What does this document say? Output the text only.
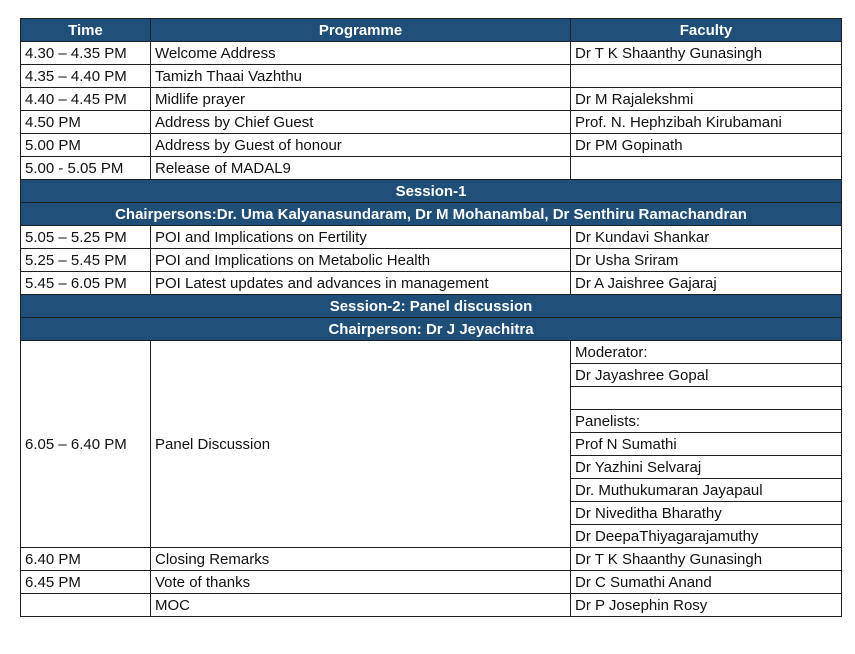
Time	Programme	Faculty
4.30 – 4.35 PM	Welcome Address	Dr T K Shaanthy Gunasingh
4.35 – 4.40 PM	Tamizh Thaai Vazhthu	
4.40 – 4.45 PM	Midlife prayer	Dr M Rajalekshmi
4.50 PM	Address by Chief Guest	Prof. N. Hephzibah Kirubamani
5.00 PM	Address by Guest of honour	Dr PM Gopinath
5.00 - 5.05 PM	Release of MADAL9	
Session-1		
Chairpersons:Dr. Uma Kalyanasundaram, Dr M Mohanambal, Dr Senthiru Ramachandran		
5.05 – 5.25 PM	POI and Implications on Fertility	Dr Kundavi Shankar
5.25 – 5.45 PM	POI and Implications on Metabolic Health	Dr Usha Sriram
5.45 – 6.05 PM	POI Latest updates and advances in management	Dr A Jaishree Gajaraj
Session-2: Panel discussion		
Chairperson: Dr J Jeyachitra		
6.05 – 6.40 PM	Panel Discussion	Moderator:
		Dr Jayashree Gopal

		Panelists:
		Prof N Sumathi
		Dr Yazhini Selvaraj
		Dr. Muthukumaran Jayapaul
		Dr Niveditha Bharathy
		Dr DeepaThiyagarajamuthy
6.40 PM	Closing Remarks	Dr T K Shaanthy Gunasingh
6.45 PM	Vote of thanks	Dr C Sumathi Anand
	MOC	Dr P Josephin Rosy
